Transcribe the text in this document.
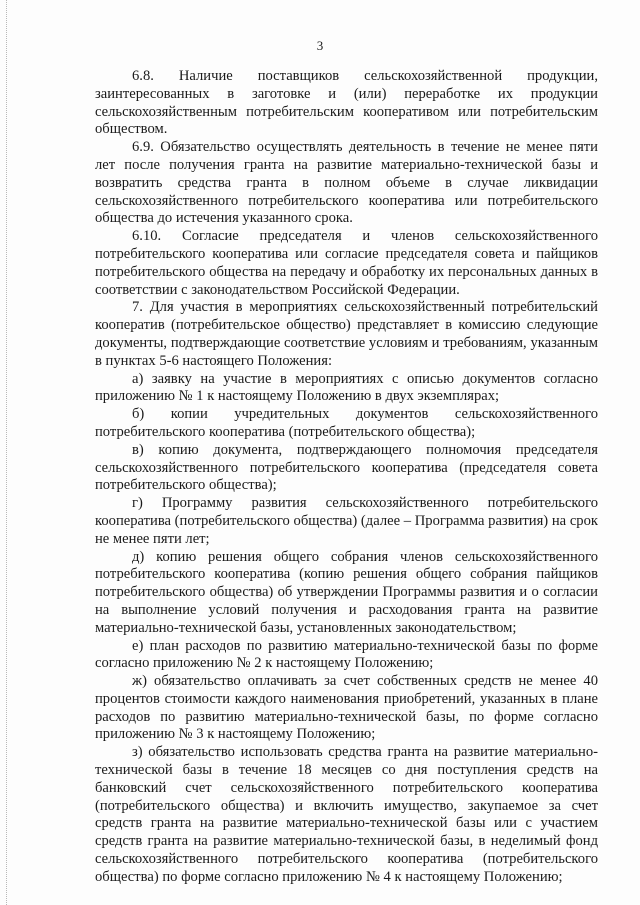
3

6.8. Наличие поставщиков сельскохозяйственной продукции, заинтересованных в заготовке и (или) переработке их продукции сельскохозяйственным потребительским кооперативом или потребительским обществом.

6.9. Обязательство осуществлять деятельность в течение не менее пяти лет после получения гранта на развитие материально-технической базы и возвратить средства гранта в полном объеме в случае ликвидации сельскохозяйственного потребительского кооператива или потребительского общества до истечения указанного срока.

6.10. Согласие председателя и членов сельскохозяйственного потребительского кооператива или согласие председателя совета и пайщиков потребительского общества на передачу и обработку их персональных данных в соответствии с законодательством Российской Федерации.

7. Для участия в мероприятиях сельскохозяйственный потребительский кооператив (потребительское общество) представляет в комиссию следующие документы, подтверждающие соответствие условиям и требованиям, указанным в пунктах 5-6 настоящего Положения:

а) заявку на участие в мероприятиях с описью документов согласно приложению № 1 к настоящему Положению в двух экземплярах;

б) копии учредительных документов сельскохозяйственного потребительского кооператива (потребительского общества);

в) копию документа, подтверждающего полномочия председателя сельскохозяйственного потребительского кооператива (председателя совета потребительского общества);

г) Программу развития сельскохозяйственного потребительского кооператива (потребительского общества) (далее – Программа развития) на срок не менее пяти лет;

д) копию решения общего собрания членов сельскохозяйственного потребительского кооператива (копию решения общего собрания пайщиков потребительского общества) об утверждении Программы развития и о согласии на выполнение условий получения и расходования гранта на развитие материально-технической базы, установленных законодательством;

е) план расходов по развитию материально-технической базы по форме согласно приложению № 2 к настоящему Положению;

ж) обязательство оплачивать за счет собственных средств не менее 40 процентов стоимости каждого наименования приобретений, указанных в плане расходов по развитию материально-технической базы, по форме согласно приложению № 3 к настоящему Положению;

з) обязательство использовать средства гранта на развитие материально-технической базы в течение 18 месяцев со дня поступления средств на банковский счет сельскохозяйственного потребительского кооператива (потребительского общества) и включить имущество, закупаемое за счет средств гранта на развитие материально-технической базы или с участием средств гранта на развитие материально-технической базы, в неделимый фонд сельскохозяйственного потребительского кооператива (потребительского общества) по форме согласно приложению № 4 к настоящему Положению;
